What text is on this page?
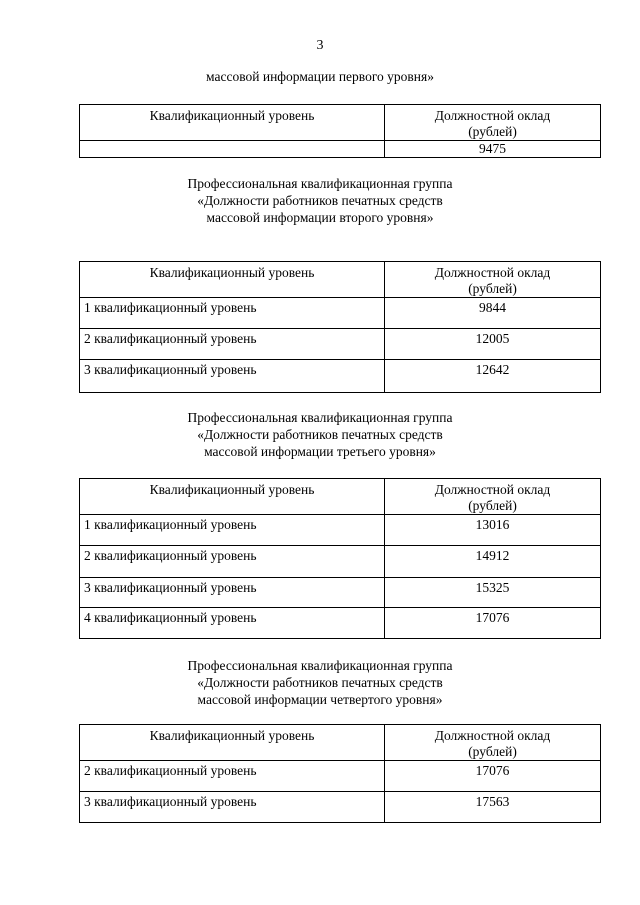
3
массовой информации первого уровня»
Квалификационный уровень	Должностной оклад
(рублей)
	9475
Профессиональная квалификационная группа
«Должности работников печатных средств
массовой информации второго уровня»
Квалификационный уровень	Должностной оклад
(рублей)
1 квалификационный уровень	9844
2 квалификационный уровень	12005
3 квалификационный уровень	12642
Профессиональная квалификационная группа
«Должности работников печатных средств
массовой информации третьего уровня»
Квалификационный уровень	Должностной оклад
(рублей)
1 квалификационный уровень	13016
2 квалификационный уровень	14912
3 квалификационный уровень	15325
4 квалификационный уровень	17076
Профессиональная квалификационная группа
«Должности работников печатных средств
массовой информации четвертого уровня»
Квалификационный уровень	Должностной оклад
(рублей)
2 квалификационный уровень	17076
3 квалификационный уровень	17563
